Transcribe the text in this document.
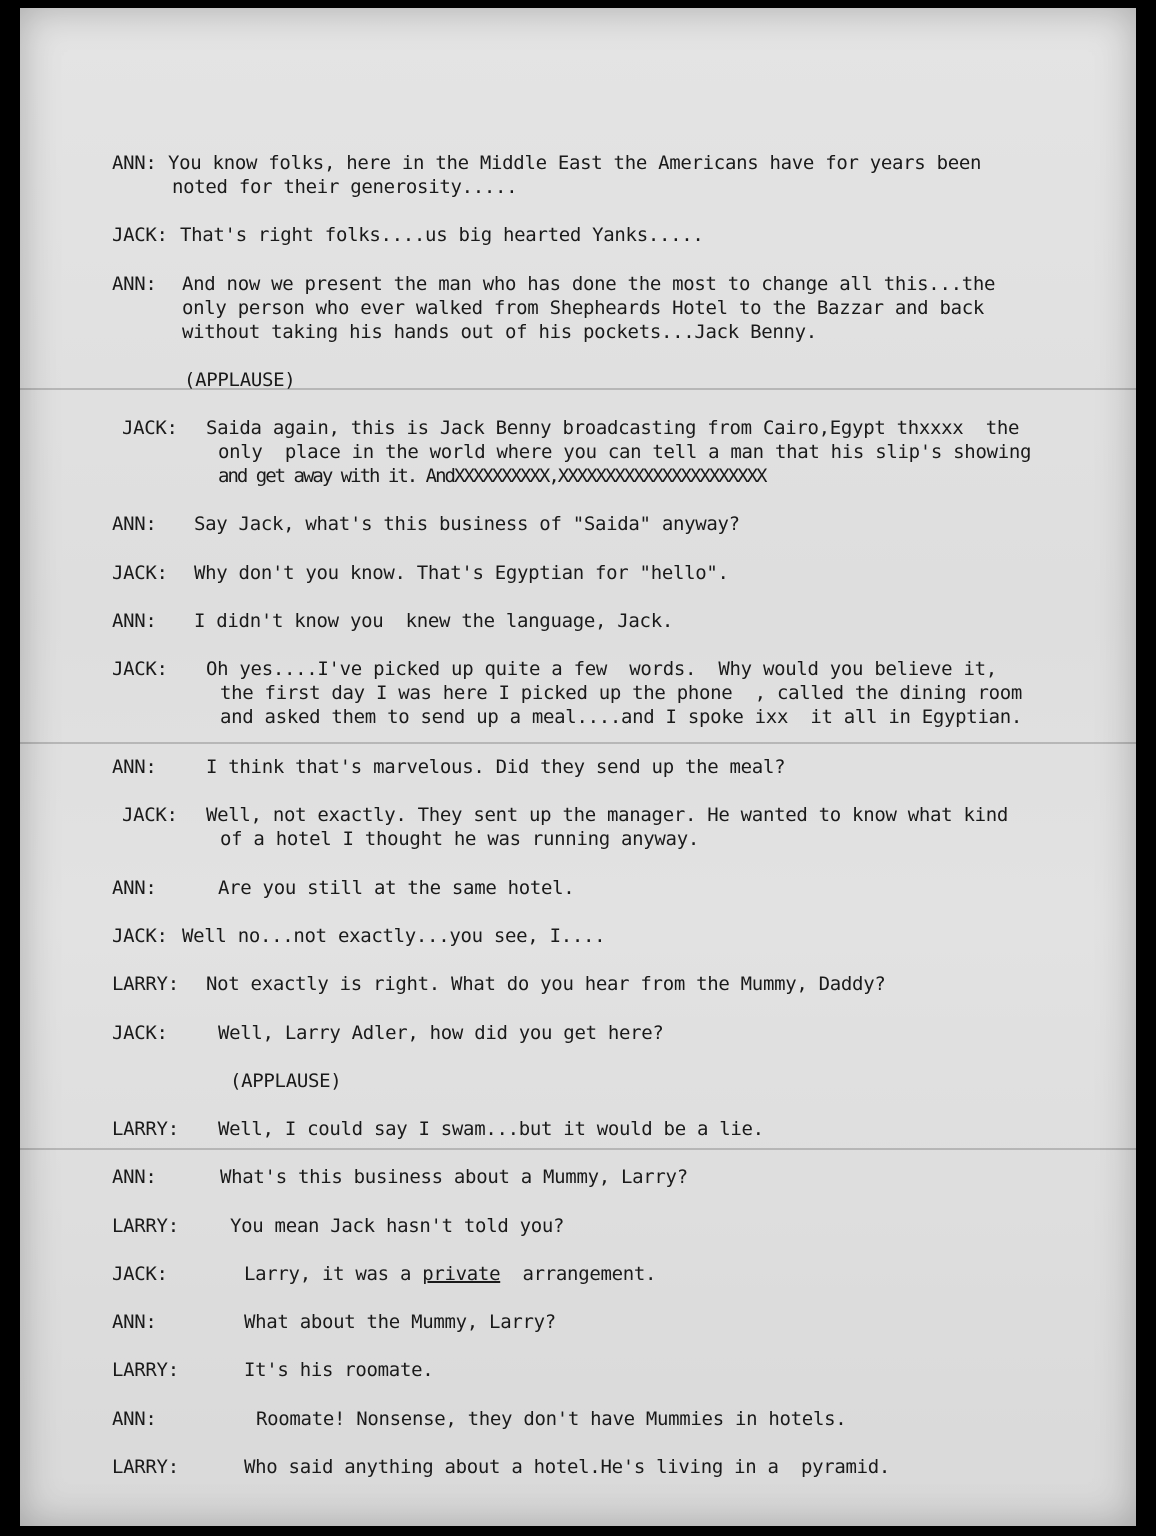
ANN: You know folks, here in the Middle East the Americans have for years been
noted for their generosity.....
JACK: That's right folks....us big hearted Yanks.....
ANN: And now we present the man who has done the most to change all this...the
only person who ever walked from Shepheards Hotel to the Bazzar and back
without taking his hands out of his pockets...Jack Benny.
(APPLAUSE)
JACK: Saida again, this is Jack Benny broadcasting from Cairo,Egypt thxxxx  the
only  place in the world where you can tell a man that his slip's showing
and get away with it. AndXXXXXXXXXX,XXXXXXXXXXXXXXXXXXXXXX
ANN: Say Jack, what's this business of "Saida" anyway?
JACK: Why don't you know. That's Egyptian for "hello".
ANN: I didn't know you  knew the language, Jack.
JACK: Oh yes....I've picked up quite a few  words.  Why would you believe it,
the first day I was here I picked up the phone  , called the dining room
and asked them to send up a meal....and I spoke ixx  it all in Egyptian.
ANN:	I think that's marvelous. Did they send up the meal?
JACK: Well, not exactly. They sent up the manager. He wanted to know what kind
of a hotel I thought he was running anyway.
ANN:	Are you still at the same hotel.
JACK: Well no...not exactly...you see, I....
LARRY: Not exactly is right. What do you hear from the Mummy, Daddy?
JACK:	Well, Larry Adler, how did you get here?
(APPLAUSE)
LARRY: Well, I could say I swam...but it would be a lie.
ANN:	What's this business about a Mummy, Larry?
LARRY:	You mean Jack hasn't told you?
JACK:	Larry, it was a private  arrangement.
ANN:	What about the Mummy, Larry?
LARRY:	It's his roomate.
ANN:	Roomate! Nonsense, they don't have Mummies in hotels.
LARRY:	Who said anything about a hotel.He's living in a  pyramid.
